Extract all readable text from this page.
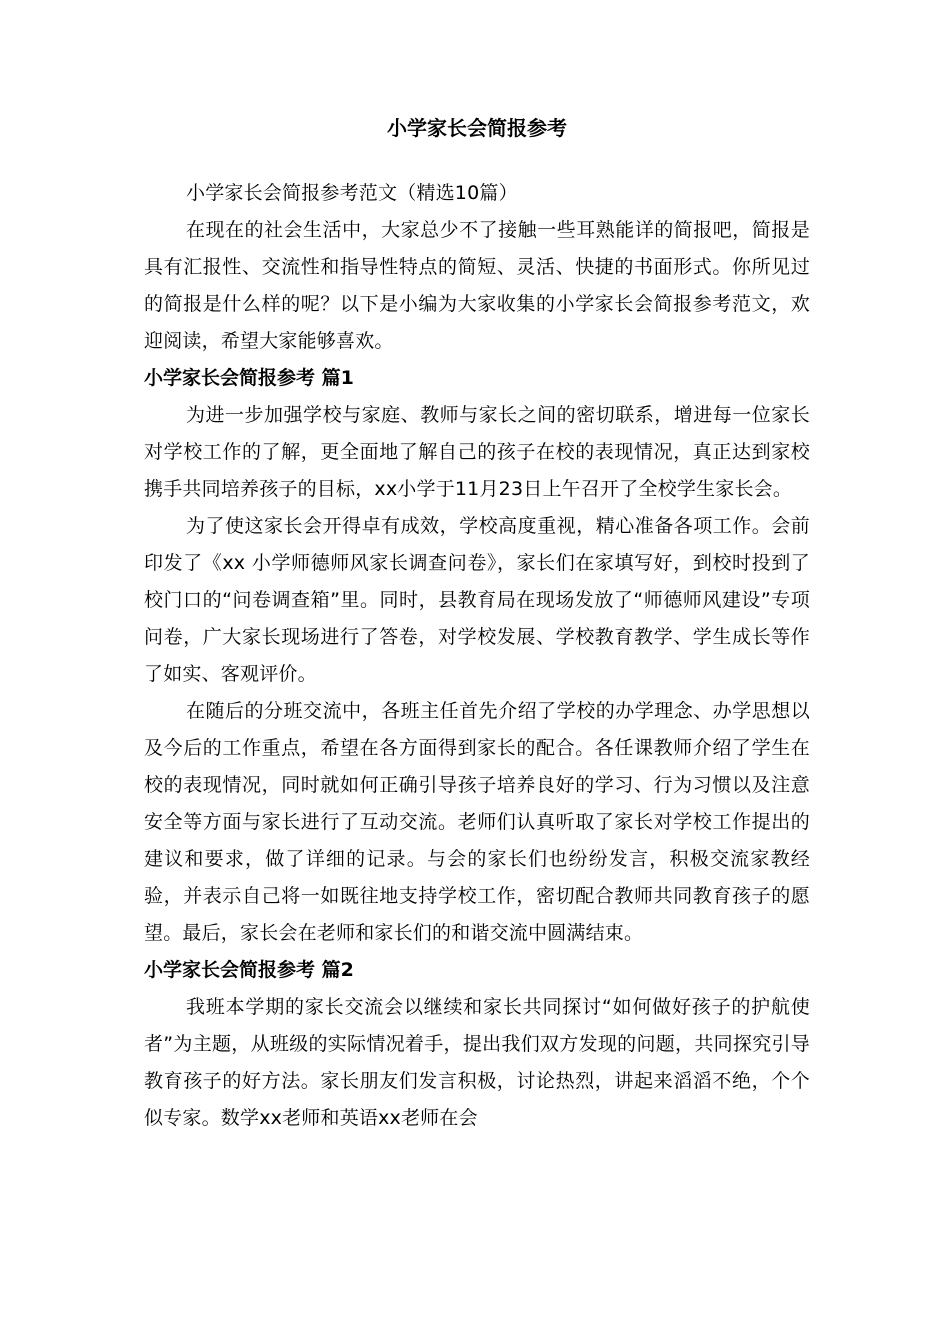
小学家长会简报参考

小学家长会简报参考范文（精选10篇）

在现在的社会生活中，大家总少不了接触一些耳熟能详的简报吧，简报是具有汇报性、交流性和指导性特点的简短、灵活、快捷的书面形式。你所见过的简报是什么样的呢？以下是小编为大家收集的小学家长会简报参考范文，欢迎阅读，希望大家能够喜欢。

小学家长会简报参考 篇1

为进一步加强学校与家庭、教师与家长之间的密切联系，增进每一位家长对学校工作的了解，更全面地了解自己的孩子在校的表现情况，真正达到家校携手共同培养孩子的目标，xx小学于11月23日上午召开了全校学生家长会。

为了使这家长会开得卓有成效，学校高度重视，精心准备各项工作。会前印发了《xx 小学师德师风家长调查问卷》，家长们在家填写好，到校时投到了校门口的“问卷调查箱”里。同时，县教育局在现场发放了“师德师风建设”专项问卷，广大家长现场进行了答卷，对学校发展、学校教育教学、学生成长等作了如实、客观评价。

在随后的分班交流中，各班主任首先介绍了学校的办学理念、办学思想以及今后的工作重点，希望在各方面得到家长的配合。各任课教师介绍了学生在校的表现情况，同时就如何正确引导孩子培养良好的学习、行为习惯以及注意安全等方面与家长进行了互动交流。老师们认真听取了家长对学校工作提出的建议和要求，做了详细的记录。与会的家长们也纷纷发言，积极交流家教经验，并表示自己将一如既往地支持学校工作，密切配合教师共同教育孩子的愿望。最后，家长会在老师和家长们的和谐交流中圆满结束。

小学家长会简报参考 篇2

我班本学期的家长交流会以继续和家长共同探讨“如何做好孩子的护航使者”为主题，从班级的实际情况着手，提出我们双方发现的问题，共同探究引导教育孩子的好方法。家长朋友们发言积极，讨论热烈，讲起来滔滔不绝，个个似专家。数学xx老师和英语xx老师在会
